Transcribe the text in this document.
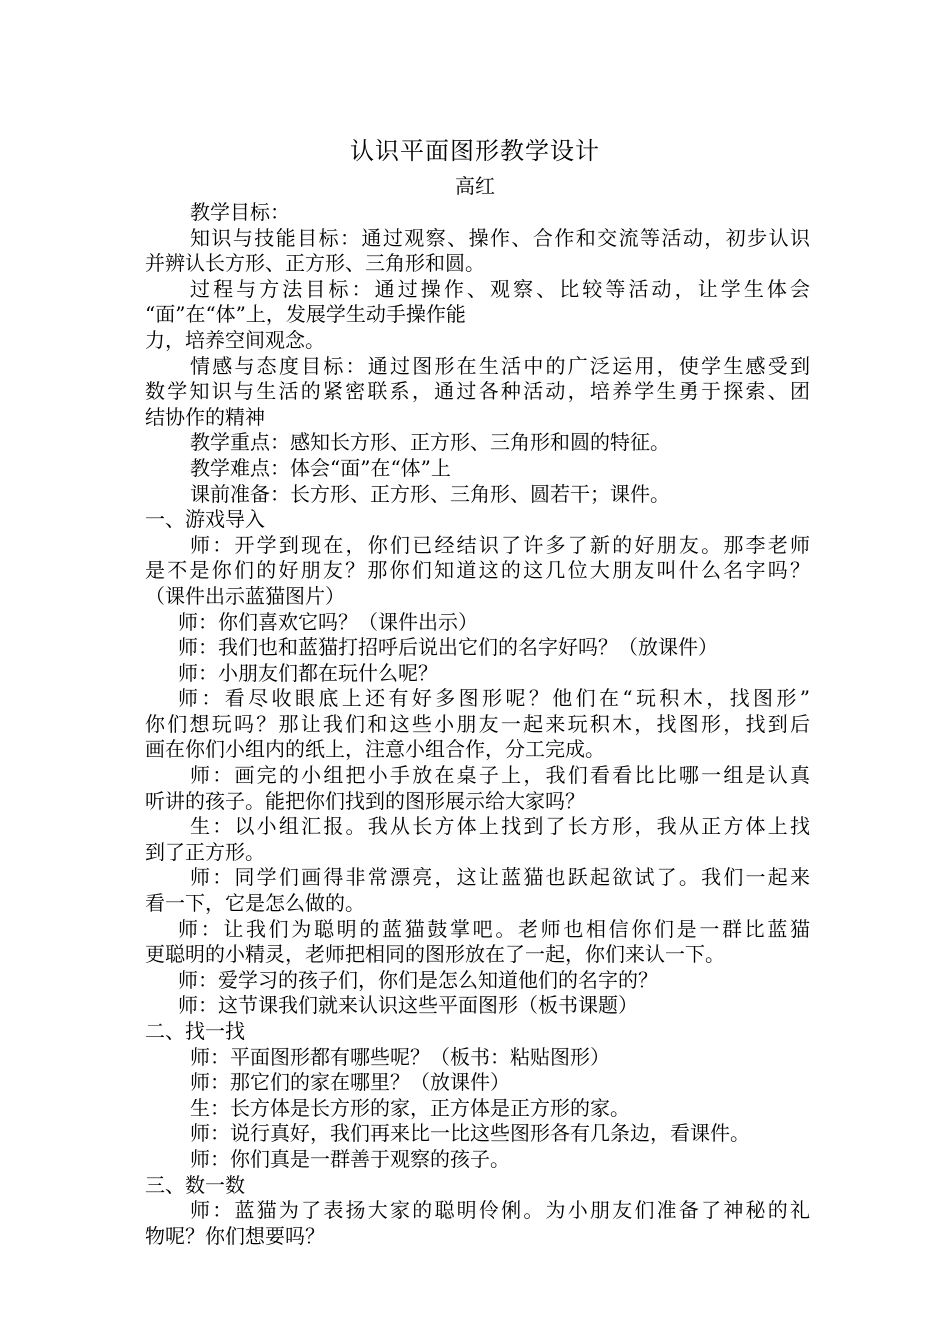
认识平面图形教学设计
高红

教学目标：

知识与技能目标：通过观察、操作、合作和交流等活动，初步认识

并辨认长方形、正方形、三角形和圆。

过程与方法目标：通过操作、观察、比较等活动，让学生体会

“面”在“体”上，发展学生动手操作能

力，培养空间观念。

情感与态度目标：通过图形在生活中的广泛运用，使学生感受到

数学知识与生活的紧密联系，通过各种活动，培养学生勇于探索、团

结协作的精神

教学重点：感知长方形、正方形、三角形和圆的特征。

教学难点：体会“面”在“体”上

课前准备：长方形、正方形、三角形、圆若干；课件。

一、游戏导入

师：开学到现在，你们已经结识了许多了新的好朋友。那李老师

是不是你们的好朋友？那你们知道这的这几位大朋友叫什么名字吗？

（课件出示蓝猫图片）

师：你们喜欢它吗？（课件出示）

师：我们也和蓝猫打招呼后说出它们的名字好吗？（放课件）

师：小朋友们都在玩什么呢？

师：看尽收眼底上还有好多图形呢？他们在“玩积木，找图形”

你们想玩吗？那让我们和这些小朋友一起来玩积木，找图形，找到后

画在你们小组内的纸上，注意小组合作，分工完成。

师：画完的小组把小手放在桌子上，我们看看比比哪一组是认真

听讲的孩子。能把你们找到的图形展示给大家吗？

生：以小组汇报。我从长方体上找到了长方形，我从正方体上找

到了正方形。

师：同学们画得非常漂亮，这让蓝猫也跃起欲试了。我们一起来

看一下，它是怎么做的。

师：让我们为聪明的蓝猫鼓掌吧。老师也相信你们是一群比蓝猫

更聪明的小精灵，老师把相同的图形放在了一起，你们来认一下。

师：爱学习的孩子们，你们是怎么知道他们的名字的？

师：这节课我们就来认识这些平面图形（板书课题）

二、找一找

师：平面图形都有哪些呢？（板书：粘贴图形）

师：那它们的家在哪里？（放课件）

生：长方体是长方形的家，正方体是正方形的家。

师：说行真好，我们再来比一比这些图形各有几条边，看课件。

师：你们真是一群善于观察的孩子。

三、数一数

师：蓝猫为了表扬大家的聪明伶俐。为小朋友们准备了神秘的礼

物呢？你们想要吗？
